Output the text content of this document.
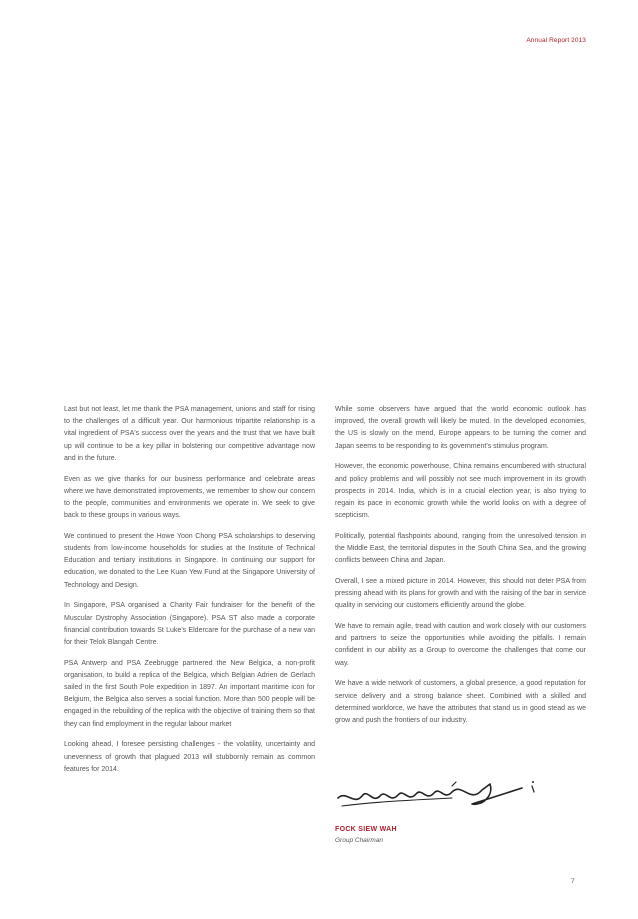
Annual Report 2013

Last but not least, let me thank the PSA management, unions and staff for rising to the challenges of a difficult year. Our harmonious tripartite relationship is a vital ingredient of PSA's success over the years and the trust that we have built up will continue to be a key pillar in bolstering our competitive advantage now and in the future.

Even as we give thanks for our business performance and celebrate areas where we have demonstrated improvements, we remember to show our concern to the people, communities and environments we operate in. We seek to give back to these groups in various ways.

We continued to present the Howe Yoon Chong PSA scholarships to deserving students from low-income households for studies at the Institute of Technical Education and tertiary institutions in Singapore. In continuing our support for education, we donated to the Lee Kuan Yew Fund at the Singapore University of Technology and Design.

In Singapore, PSA organised a Charity Fair fundraiser for the benefit of the Muscular Dystrophy Association (Singapore). PSA ST also made a corporate financial contribution towards St Luke's Eldercare for the purchase of a new van for their Telok Blangah Centre.

PSA Antwerp and PSA Zeebrugge partnered the New Belgica, a non-profit organisation, to build a replica of the Belgica, which Belgian Adrien de Gerlach sailed in the first South Pole expedition in 1897. An important maritime icon for Belgium, the Belgica also serves a social function. More than 500 people will be engaged in the rebuilding of the replica with the objective of training them so that they can find employment in the regular labour market

Looking ahead, I foresee persisting challenges - the volatility, uncertainty and unevenness of growth that plagued 2013 will stubbornly remain as common features for 2014.

While some observers have argued that the world economic outlook has improved, the overall growth will likely be muted. In the developed economies, the US is slowly on the mend, Europe appears to be turning the corner and Japan seems to be responding to its government's stimulus program.

However, the economic powerhouse, China remains encumbered with structural and policy problems and will possibly not see much improvement in its growth prospects in 2014. India, which is in a crucial election year, is also trying to regain its pace in economic growth while the world looks on with a degree of scepticism.

Politically, potential flashpoints abound, ranging from the unresolved tension in the Middle East, the territorial disputes in the South China Sea, and the growing conflicts between China and Japan.

Overall, I see a mixed picture in 2014. However, this should not deter PSA from pressing ahead with its plans for growth and with the raising of the bar in service quality in servicing our customers efficiently around the globe.

We have to remain agile, tread with caution and work closely with our customers and partners to seize the opportunities while avoiding the pitfalls. I remain confident in our ability as a Group to overcome the challenges that come our way.

We have a wide network of customers, a global presence, a good reputation for service delivery and a strong balance sheet. Combined with a skilled and determined workforce, we have the attributes that stand us in good stead as we grow and push the frontiers of our industry.

FOCK SIEW WAH
Group Chairman
7
